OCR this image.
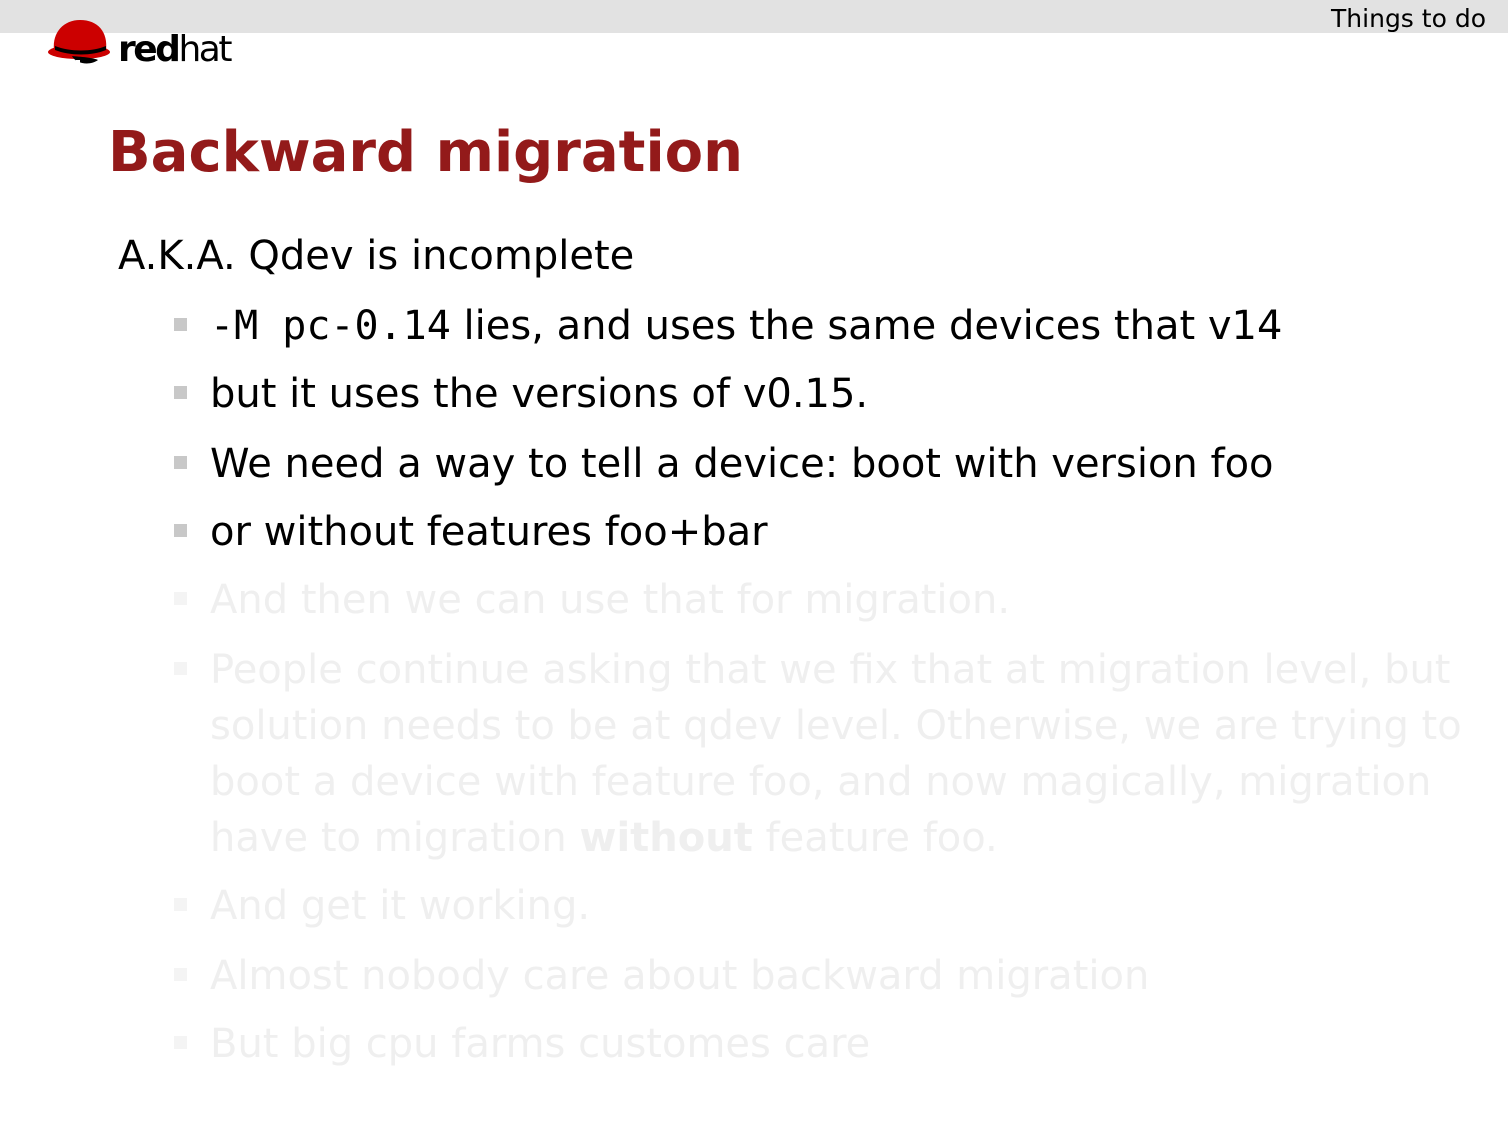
Things to do
redhat
Backward migration
A.K.A. Qdev is incomplete
-M pc-0.14 lies, and uses the same devices that v14
but it uses the versions of v0.15.
We need a way to tell a device: boot with version foo
or without features foo+bar
And then we can use that for migration.
People continue asking that we fix that at migration level, but
solution needs to be at qdev level. Otherwise, we are trying to
boot a device with feature foo, and now magically, migration
have to migration without feature foo.
And get it working.
Almost nobody care about backward migration
But big cpu farms customes care
